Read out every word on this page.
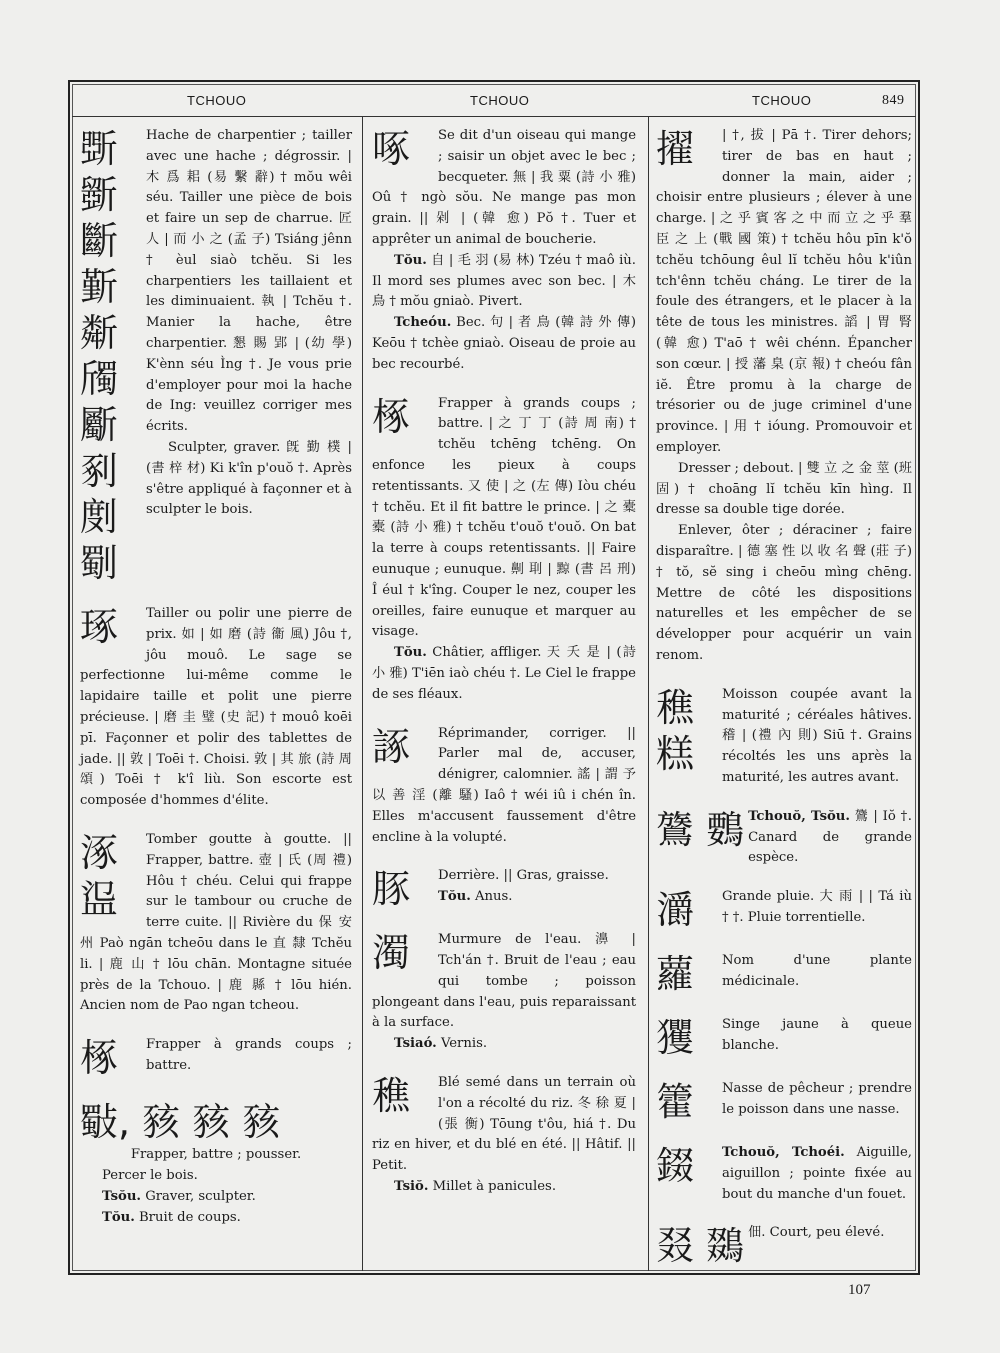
TCHOUO	TCHOUO	TCHOUO	849
斲
斵
斷
斳
斴
斶
斸
剢
剫
劅

Hache de charpentier ; tailler avec une hache ; dégrossir. | 木 爲 耜 (易 繫 辭) † mŏu wêi séu. Tailler une pièce de bois et faire un sep de charrue. 匠 人 | 而 小 之 (孟 子) Tsiáng jênn † èul siaò tchĕu. Si les charpentiers les taillaient et les diminuaient. 執 | Tchĕu †. Manier la hache, être charpentier. 懇 賜 郢 | (幼 學) K'ènn séu Ìng †. Je vous prie d'employer pour moi la hache de Ing: veuillez corriger mes écrits.

Sculpter, graver. 旣 勤 樸 | (書 梓 材) Ki k'în p'ouŏ †. Après s'être appliqué à façonner et à sculpter le bois.

琢	Tailler ou polir une pierre de prix. 如 | 如 磨 (詩 衞 風) Jôu †, jôu mouô. Le sage se perfectionne lui-même comme le lapidaire taille et polit une pierre précieuse. | 磨 圭 璧 (史 記) † mouô koēi pī. Façonner et polir des tablettes de jade. || 敦 | Toēi †. Choisi. 敦 | 其 旅 (詩 周 頌) Toēi † k'î liù. Son escorte est composée d'hommes d'élite.
涿
䀀
Tomber goutte à goutte. || Frapper, battre. 壺 | 氏 (周 禮) Hôu † chéu. Celui qui frappe sur le tambour ou cruche de terre cuite. || Rivière du 保 安 州 Paò ngān tcheōu dans le 直 隸 Tchĕu li. | 鹿 山 † lōu chān. Montagne située près de la Tchouo. | 鹿 縣 † lōu hién. Ancien nom de Pao ngan tcheou.
椓	Frapper à grands coups ; battre.
斀, 豥 豥 豥
Frapper, battre ; pousser.
Percer le bois.
Tsŏu. Graver, sculpter.
Tŏu. Bruit de coups.
啄	Se dit d'un oiseau qui mange ; saisir un objet avec le bec ; becqueter. 無 | 我 粟 (詩 小 雅) Oû † ngò sŏu. Ne mange pas mon grain. || 剁 | (韓 愈) Pŏ †. Tuer et apprêter un animal de boucherie.
Tŏu. 自 | 毛 羽 (易 林) Tzéu † maô iù. Il mord ses plumes avec son bec. | 木 鳥 † mŏu gniaò. Pivert.
Tcheóu. Bec. 句 | 者 鳥 (韓 詩 外 傳) Keōu † tchèe gniaò. Oiseau de proie au bec recourbé.
椓	Frapper à grands coups ; battre. | 之 丁 丁 (詩 周 南) † tchĕu tchēng tchēng. On enfonce les pieux à coups retentissants. 又 使 | 之 (左 傳) Iòu chéu † tchĕu. Et il fit battre le prince. | 之 橐 橐 (詩 小 雅) † tchĕu t'ouŏ t'ouŏ. On bat la terre à coups retentissants. || Faire eunuque ; eunuque. 劓 刵 | 黥 (書 呂 刑) Î éul † k'îng. Couper le nez, couper les oreilles, faire eunuque et marquer au visage.
Tŏu. Châtier, affliger. 天 夭 是 | (詩 小 雅) T'iēn iaò chéu †. Le Ciel le frappe de ses fléaux.
諑	Réprimander, corriger. || Parler mal de, accuser, dénigrer, calomnier. 謠 | 謂 予 以 善 淫 (離 騷) Iaô † wéi iû i chén în. Elles m'accusent faussement d'être encline à la volupté.
豚	Derrière. || Gras, graisse.
Tŏu. Anus.
濁	Murmure de l'eau. 濞 | Tch'án †. Bruit de l'eau ; eau qui tombe ; poisson plongeant dans l'eau, puis reparaissant à la surface.
Tsiaó. Vernis.
穛	Blé semé dans un terrain où l'on a récolté du riz. 冬 稌 夏 | (張 衡) Tōung t'ôu, hiá †. Du riz en hiver, et du blé en été. || Hâtif. || Petit.
Tsiŏ. Millet à panicules.
擢	| †, 拔 | Pā †. Tirer dehors; tirer de bas en haut ; donner la main, aider ; choisir entre plusieurs ; élever à une charge. | 之 乎 賓 客 之 中 而 立 之 乎 羣 臣 之 上 (戰 國 策) † tchĕu hôu pīn k'ŏ tchĕu tchōung êul lĭ tchĕu hôu k'iûn tch'ênn tchĕu cháng. Le tirer de la foule des étrangers, et le placer à la tête de tous les ministres. 謟 | 胃 腎 (韓 愈) T'aō † wêi chénn. Épancher son cœur. | 授 藩 臬 (京 報) † cheóu fân iĕ. Être promu à la charge de trésorier ou de juge criminel d'une province. | 用 † ióung. Promouvoir et employer.
Dresser ; debout. | 雙 立 之 金 莖 (班 固) † choāng lĭ tchĕu kīn hìng. Il dresse sa double tige dorée.
Enlever, ôter ; déraciner ; faire disparaître. | 德 塞 性 以 收 名 聲 (莊 子) † tŏ, sĕ sing i cheōu mìng chēng. Mettre de côté les dispositions naturelles et les empêcher de se développer pour acquérir un vain renom.
穛
糕
Moisson coupée avant la maturité ; céréales hâtives. 稽 | (禮 內 則) Siū †. Grains récoltés les uns après la maturité, les autres avant.
鷟 䳩 Tchouŏ, Tsŏu. 鷟 | Iŏ †. Canard de grande espèce.
灂	Grande pluie. 大 雨 | | Tá iù † †. Pluie torrentielle.
蘿	Nom d'une plante médicinale.
玃	Singe jaune à queue blanche.
籗	Nasse de pêcheur ; prendre le poisson dans une nasse.
錣	Tchouŏ, Tchoéi. Aiguille, aiguillon ; pointe fixée au bout du manche d'un fouet.
叕 鵽 佃. Court, peu élevé.
107
